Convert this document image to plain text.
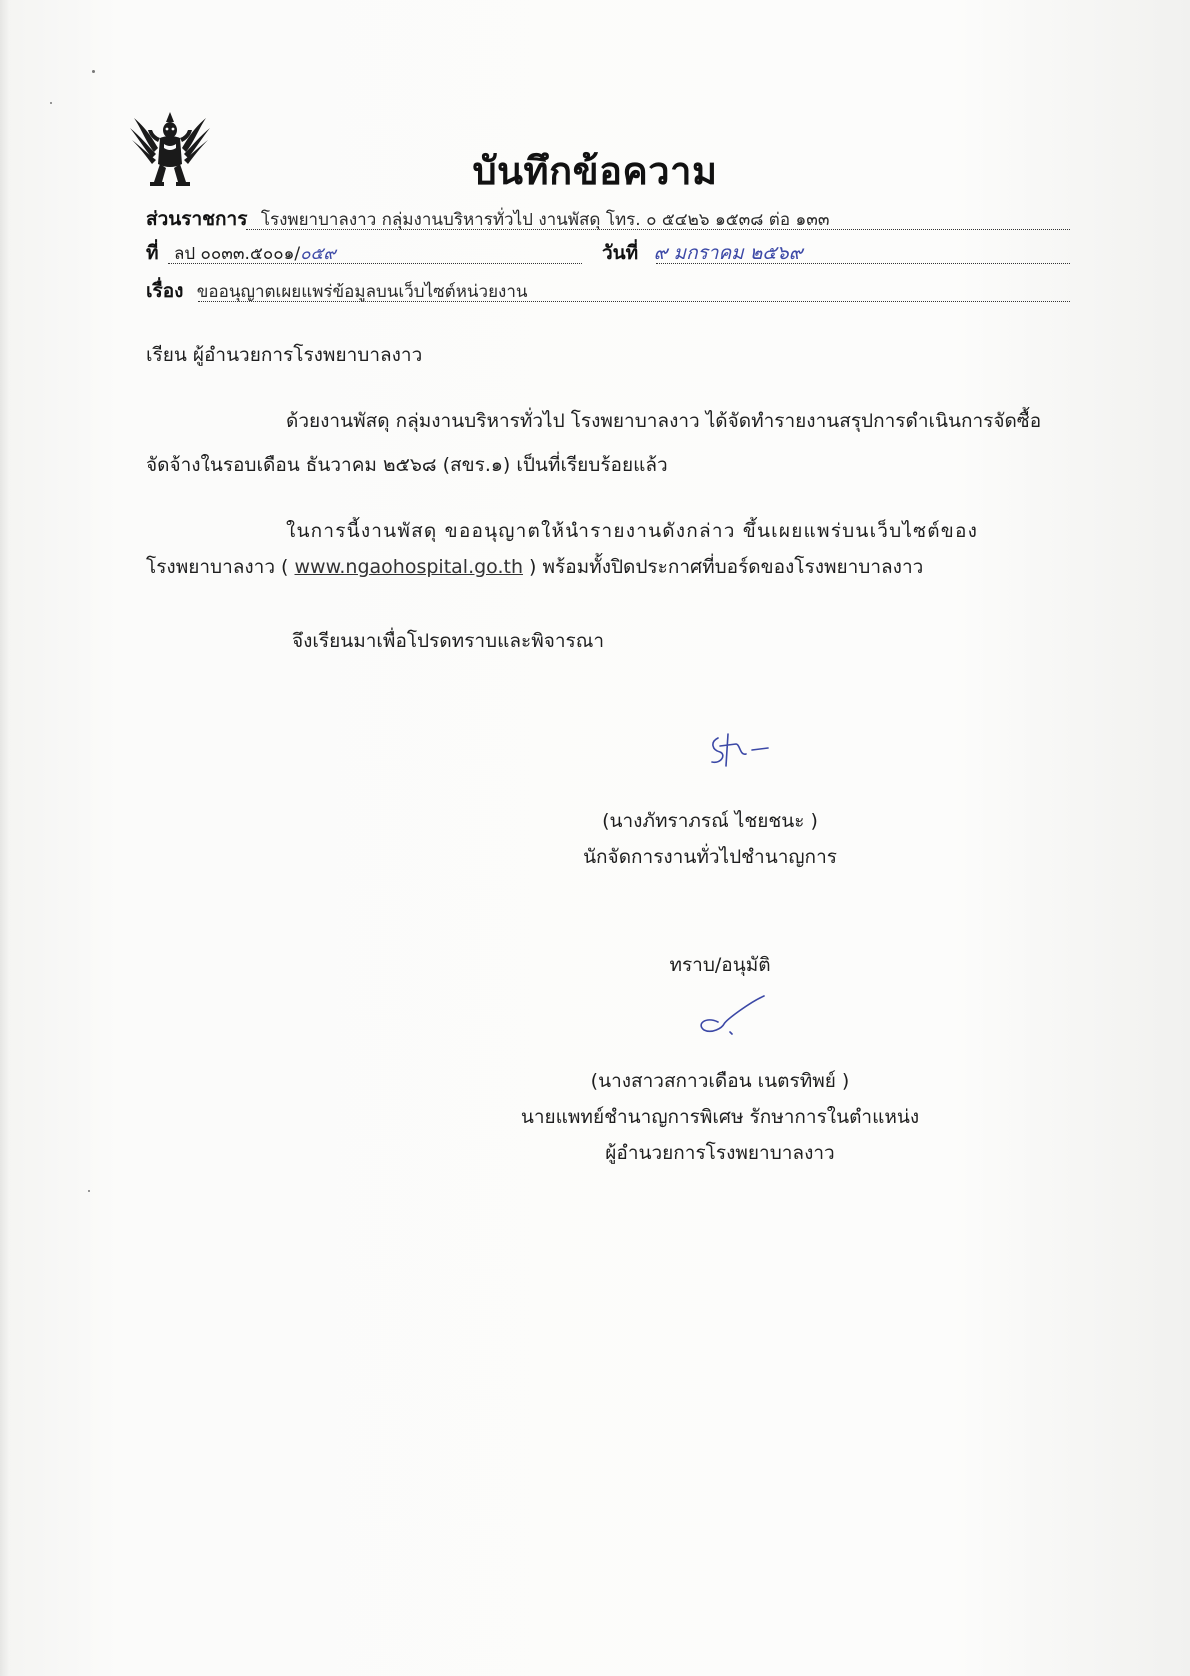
บันทึกข้อความ
ส่วนราชการ โรงพยาบาลงาว กลุ่มงานบริหารทั่วไป งานพัสดุ โทร. ๐ ๕๔๒๖ ๑๕๓๘ ต่อ ๑๓๓
ที่ ลป ๐๐๓๓.๕๐๐๑/๐๕๙	วันที่ ๙ มกราคม ๒๕๖๙
เรื่อง ขออนุญาตเผยแพร่ข้อมูลบนเว็บไซต์หน่วยงาน
เรียน ผู้อำนวยการโรงพยาบาลงาว
ด้วยงานพัสดุ กลุ่มงานบริหารทั่วไป โรงพยาบาลงาว ได้จัดทำรายงานสรุปการดำเนินการจัดซื้อ
จัดจ้างในรอบเดือน ธันวาคม ๒๕๖๘ (สขร.๑) เป็นที่เรียบร้อยแล้ว
ในการนี้งานพัสดุ ขออนุญาตให้นำรายงานดังกล่าว ขึ้นเผยแพร่บนเว็บไซต์ของ
โรงพยาบาลงาว ( www.ngaohospital.go.th ) พร้อมทั้งปิดประกาศที่บอร์ดของโรงพยาบาลงาว
จึงเรียนมาเพื่อโปรดทราบและพิจารณา
(นางภัทราภรณ์ ไชยชนะ )
นักจัดการงานทั่วไปชำนาญการ
ทราบ/อนุมัติ
(นางสาวสกาวเดือน เนตรทิพย์ )
นายแพทย์ชำนาญการพิเศษ รักษาการในตำแหน่ง
ผู้อำนวยการโรงพยาบาลงาว
